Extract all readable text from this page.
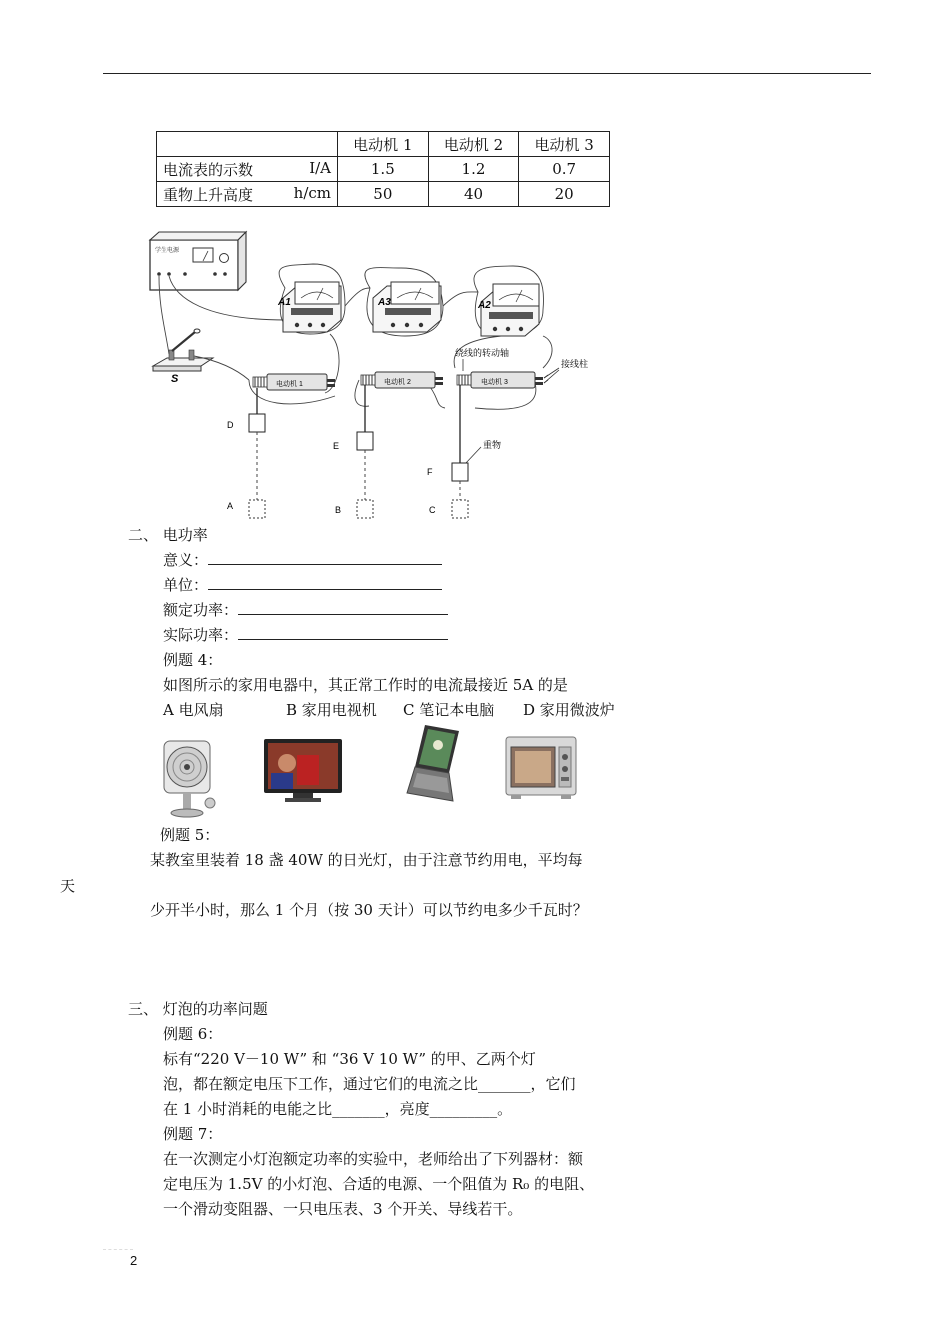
	电动机 1	电动机 2	电动机 3
电流表的示数 I/A	1.5	1.2	0.7
重物上升高度 h/cm	50	40	20
学生电源
S
A1	A3	A2
电动机 1	电动机 2	电动机 3
绕线的转动轴
接线柱
重物
D
E
F
A	B	C
二、 电功率
意义：
单位：
额定功率：
实际功率：
例题 4：
如图所示的家用电器中，其正常工作时的电流最接近 5A 的是
A 电风扇	B 家用电视机 C 笔记本电脑 D 家用微波炉
例题 5：
某教室里装着 18 盏 40W 的日光灯，由于注意节约用电，平均每
天
少开半小时，那么 1 个月（按 30 天计）可以节约电多少千瓦时？
三、 灯泡的功率问题
例题 6：
标有“220 V－10 W” 和 “36 V 10 W” 的甲、乙两个灯
泡，都在额定电压下工作，通过它们的电流之比_______，它们
在 1 小时消耗的电能之比_______，亮度_________。
例题 7：
在一次测定小灯泡额定功率的实验中，老师给出了下列器材：额
定电压为 1.5V 的小灯泡、合适的电源、一个阻值为 R₀ 的电阻、
一个滑动变阻器、一只电压表、3 个开关、导线若干。
2
